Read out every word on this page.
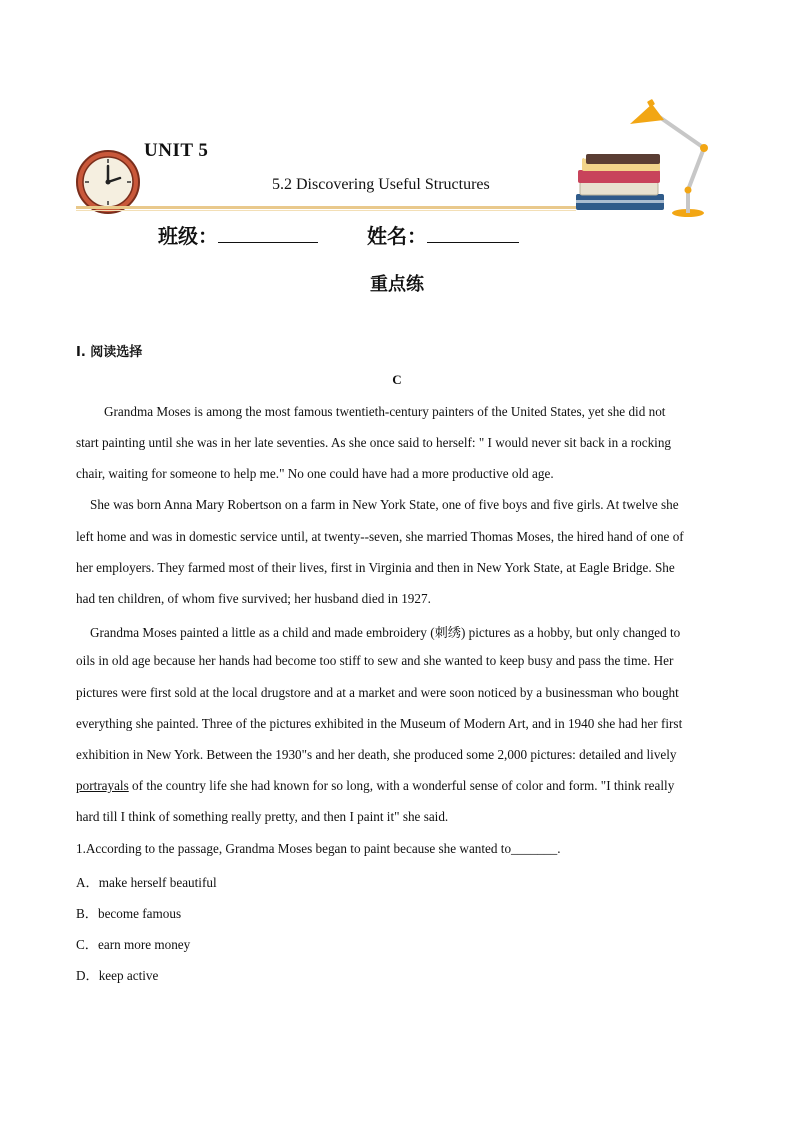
UNIT 5
5.2 Discovering Useful Structures
班级：	姓名：
重点练
I. 阅读选择
C
Grandma Moses is among the most famous twentieth-century painters of the United States, yet she did not
start painting until she was in her late seventies. As she once said to herself: " I would never sit back in a rocking
chair, waiting for someone to help me." No one could have had a more productive old age.
She was born Anna Mary Robertson on a farm in New York State, one of five boys and five girls. At twelve she
left home and was in domestic service until, at twenty--seven, she married Thomas Moses, the hired hand of one of
her employers. They farmed most of their lives, first in Virginia and then in New York State, at Eagle Bridge. She
had ten children, of whom five survived; her husband died in 1927.
Grandma Moses painted a little as a child and made embroidery (刺绣) pictures as a hobby, but only changed to
oils in old age because her hands had become too stiff to sew and she wanted to keep busy and pass the time. Her
pictures were first sold at the local drugstore and at a market and were soon noticed by a businessman who bought
everything she painted. Three of the pictures exhibited in the Museum of Modern Art, and in 1940 she had her first
exhibition in New York. Between the 1930"s and her death, she produced some 2,000 pictures: detailed and lively
portrayals of the country life she had known for so long, with a wonderful sense of color and form. "I think really
hard till I think of something really pretty, and then I paint it" she said.
1.According to the passage, Grandma Moses began to paint because she wanted to_______.
A．make herself beautiful
B．become famous
C．earn more money
D．keep active
